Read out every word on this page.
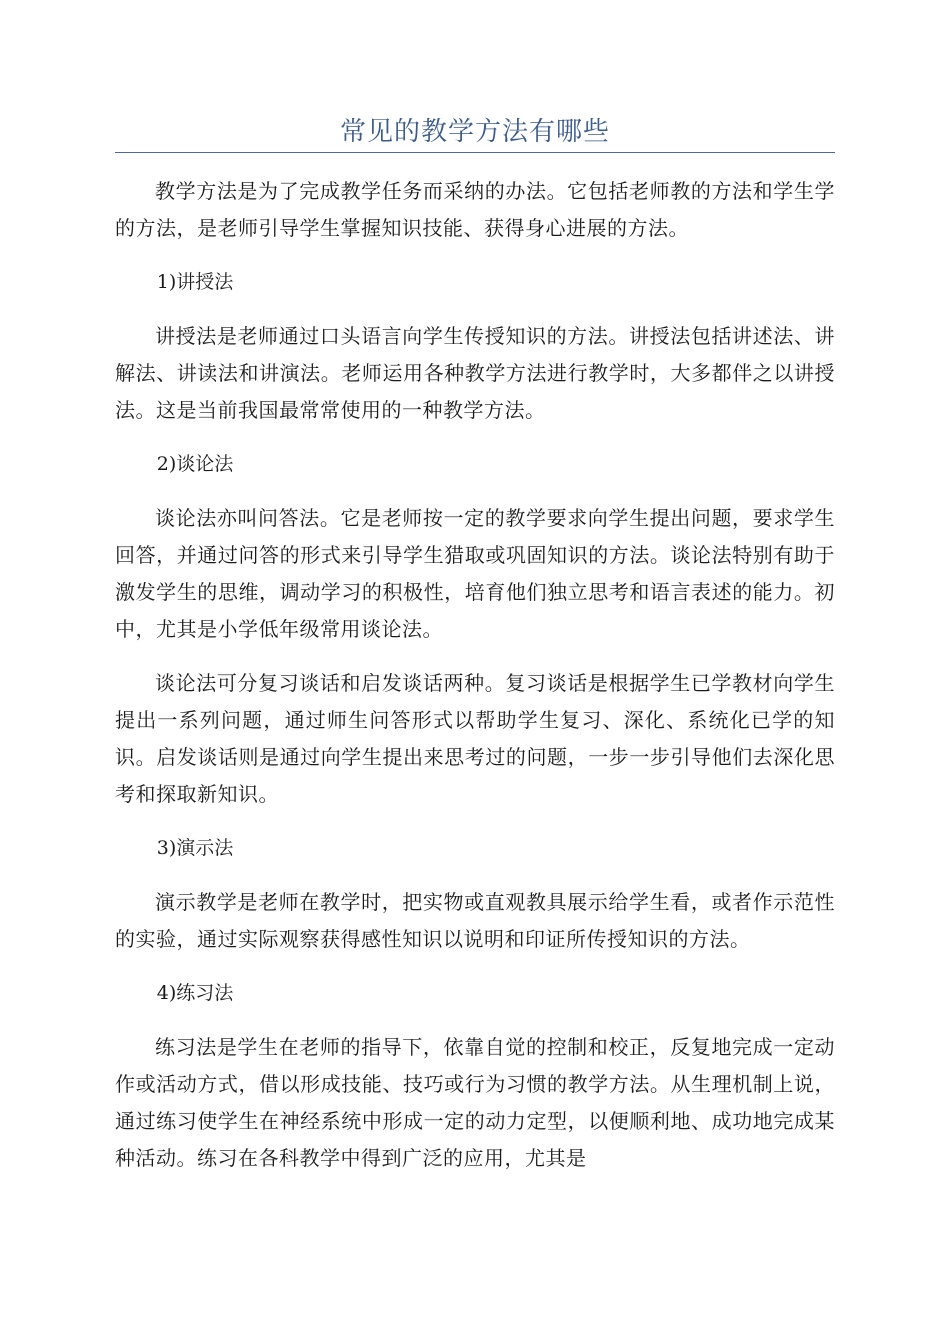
常见的教学方法有哪些

教学方法是为了完成教学任务而采纳的办法。它包括老师教的方法和学生学的方法，是老师引导学生掌握知识技能、获得身心进展的方法。

1)讲授法

讲授法是老师通过口头语言向学生传授知识的方法。讲授法包括讲述法、讲解法、讲读法和讲演法。老师运用各种教学方法进行教学时，大多都伴之以讲授法。这是当前我国最常常使用的一种教学方法。

2)谈论法

谈论法亦叫问答法。它是老师按一定的教学要求向学生提出问题，要求学生回答，并通过问答的形式来引导学生猎取或巩固知识的方法。谈论法特别有助于激发学生的思维，调动学习的积极性，培育他们独立思考和语言表述的能力。初中，尤其是小学低年级常用谈论法。

谈论法可分复习谈话和启发谈话两种。复习谈话是根据学生已学教材向学生提出一系列问题，通过师生问答形式以帮助学生复习、深化、系统化已学的知识。启发谈话则是通过向学生提出来思考过的问题，一步一步引导他们去深化思考和探取新知识。

3)演示法

演示教学是老师在教学时，把实物或直观教具展示给学生看，或者作示范性的实验，通过实际观察获得感性知识以说明和印证所传授知识的方法。

4)练习法

练习法是学生在老师的指导下，依靠自觉的控制和校正，反复地完成一定动作或活动方式，借以形成技能、技巧或行为习惯的教学方法。从生理机制上说，通过练习使学生在神经系统中形成一定的动力定型，以便顺利地、成功地完成某种活动。练习在各科教学中得到广泛的应用，尤其是
